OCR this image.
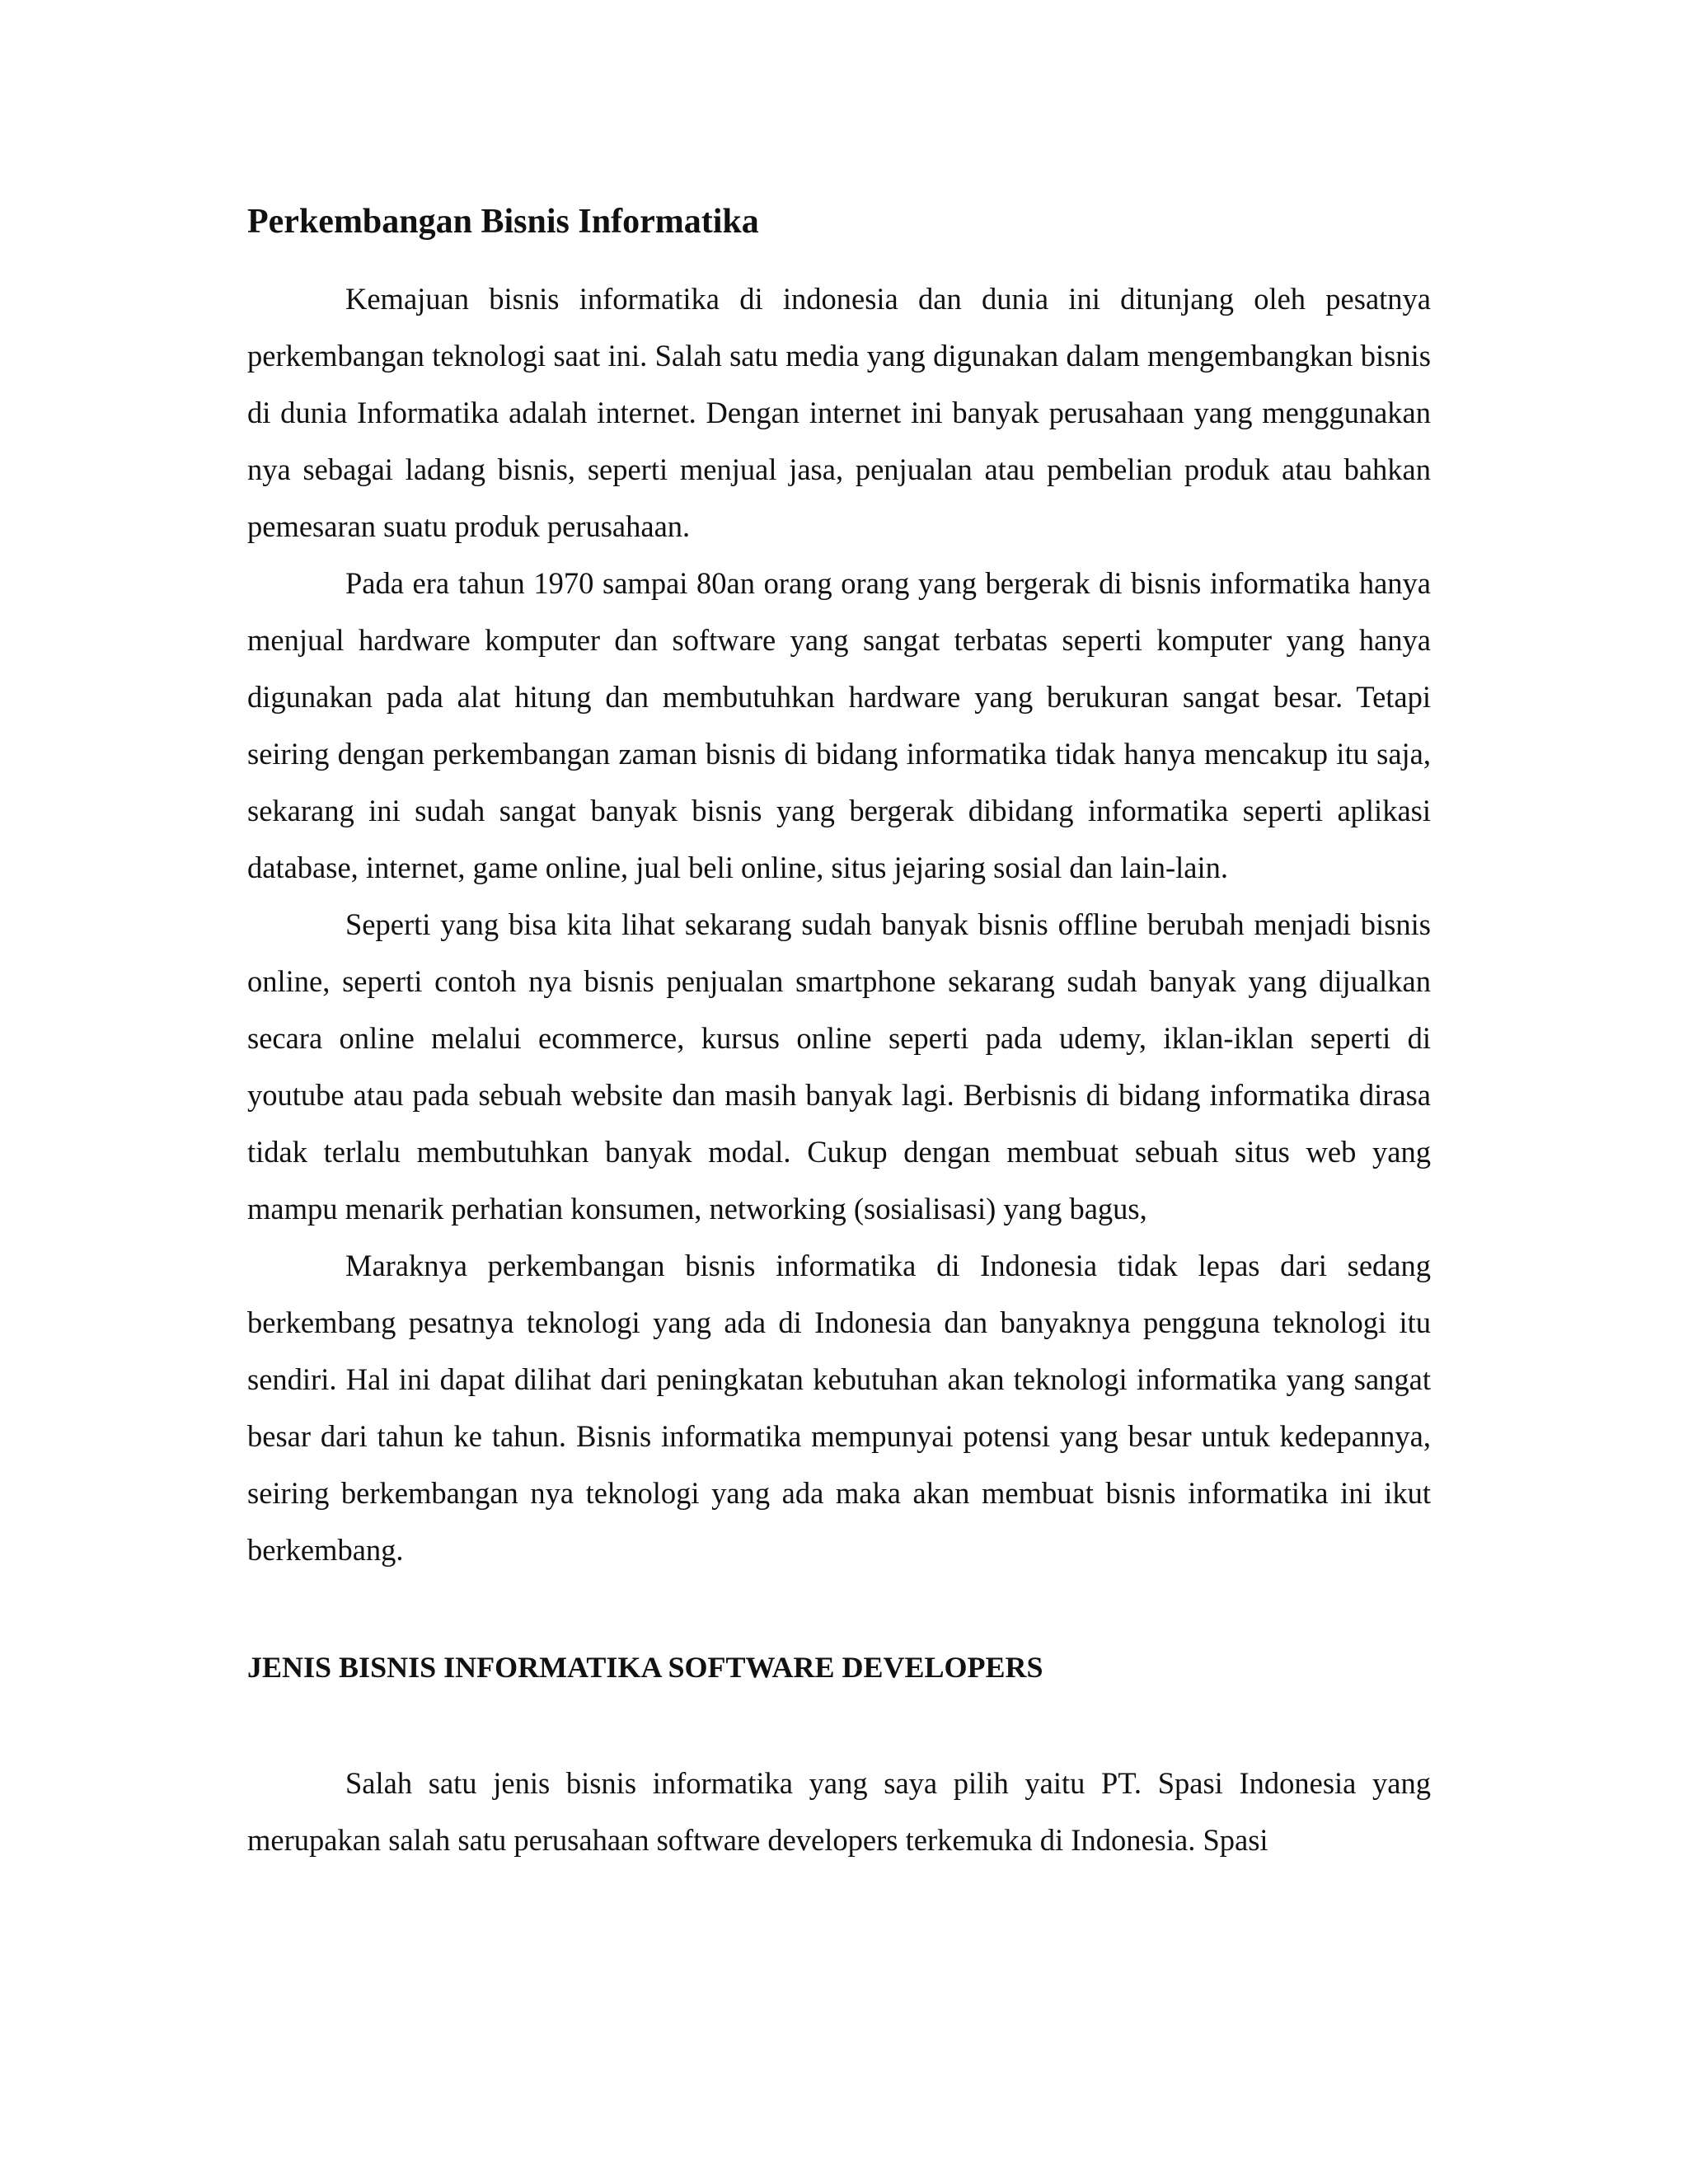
Perkembangan Bisnis Informatika

Kemajuan bisnis informatika di indonesia dan dunia ini ditunjang oleh pesatnya perkembangan teknologi saat ini. Salah satu media yang digunakan dalam mengembangkan bisnis di dunia Informatika adalah internet. Dengan internet ini banyak perusahaan yang menggunakan nya sebagai ladang bisnis, seperti menjual jasa, penjualan atau pembelian produk atau bahkan pemesaran suatu produk perusahaan.

Pada era tahun 1970 sampai 80an orang orang yang bergerak di bisnis informatika hanya menjual hardware komputer dan software yang sangat terbatas seperti komputer yang hanya digunakan pada alat hitung dan membutuhkan hardware yang berukuran sangat besar. Tetapi seiring dengan perkembangan zaman bisnis di bidang informatika tidak hanya mencakup itu saja, sekarang ini sudah sangat banyak bisnis yang bergerak dibidang informatika seperti aplikasi database, internet, game online, jual beli online, situs jejaring sosial dan lain-lain.

Seperti yang bisa kita lihat sekarang sudah banyak bisnis offline berubah menjadi bisnis online, seperti contoh nya bisnis penjualan smartphone sekarang sudah banyak yang dijualkan secara online melalui ecommerce, kursus online seperti pada udemy, iklan-iklan seperti di youtube atau pada sebuah website dan masih banyak lagi. Berbisnis di bidang informatika dirasa tidak terlalu membutuhkan banyak modal. Cukup dengan membuat sebuah situs web yang mampu menarik perhatian konsumen, networking (sosialisasi) yang bagus,

Maraknya perkembangan bisnis informatika di Indonesia tidak lepas dari sedang berkembang pesatnya teknologi yang ada di Indonesia dan banyaknya pengguna teknologi itu sendiri. Hal ini dapat dilihat dari peningkatan kebutuhan akan teknologi informatika yang sangat besar dari tahun ke tahun. Bisnis informatika mempunyai potensi yang besar untuk kedepannya, seiring berkembangan nya teknologi yang ada maka akan membuat bisnis informatika ini ikut berkembang.

JENIS BISNIS INFORMATIKA SOFTWARE DEVELOPERS

Salah satu jenis bisnis informatika yang saya pilih yaitu PT. Spasi Indonesia yang merupakan salah satu perusahaan software developers terkemuka di Indonesia. Spasi
